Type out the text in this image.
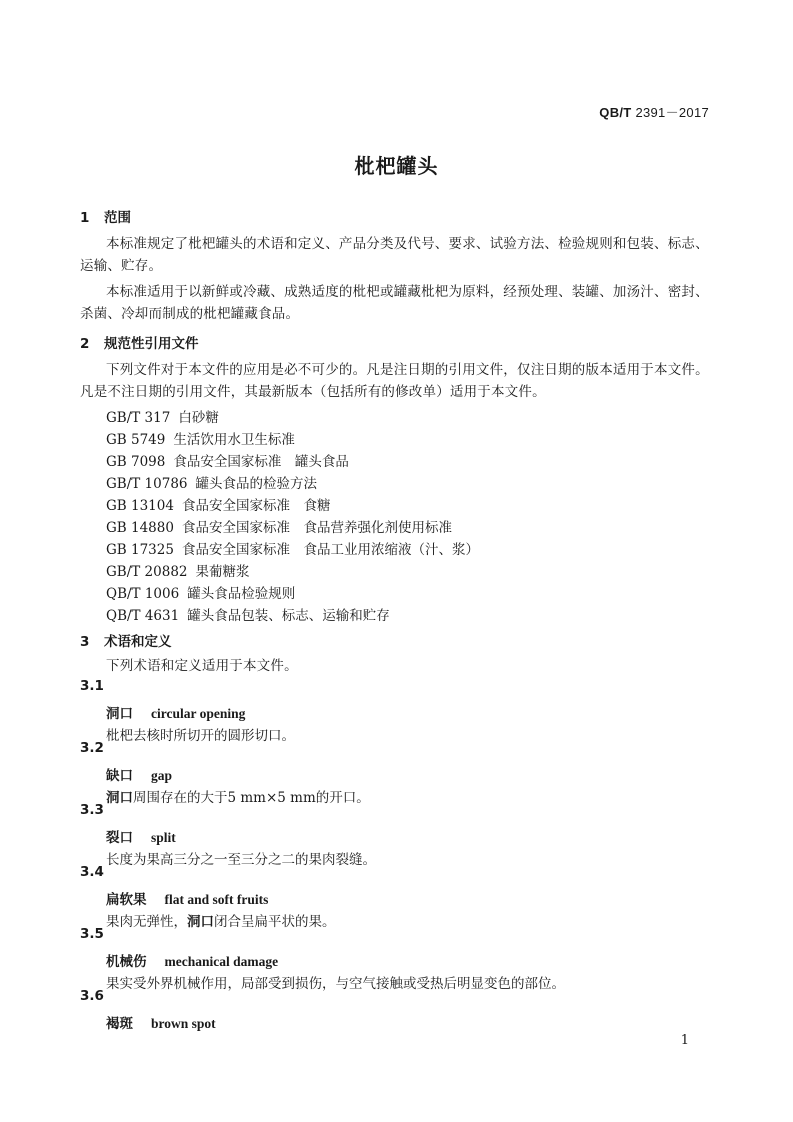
QB/T 2391－2017
枇杷罐头
1 范围
本标准规定了枇杷罐头的术语和定义、产品分类及代号、要求、试验方法、检验规则和包装、标志、
运输、贮存。
本标准适用于以新鲜或冷藏、成熟适度的枇杷或罐藏枇杷为原料，经预处理、装罐、加汤汁、密封、
杀菌、冷却而制成的枇杷罐藏食品。
2 规范性引用文件
下列文件对于本文件的应用是必不可少的。凡是注日期的引用文件，仅注日期的版本适用于本文件。
凡是不注日期的引用文件，其最新版本（包括所有的修改单）适用于本文件。
GB/T 317 白砂糖
GB 5749 生活饮用水卫生标准
GB 7098 食品安全国家标准　罐头食品
GB/T 10786 罐头食品的检验方法
GB 13104 食品安全国家标准　食糖
GB 14880 食品安全国家标准　食品营养强化剂使用标准
GB 17325 食品安全国家标准　食品工业用浓缩液（汁、浆）
GB/T 20882 果葡糖浆
QB/T 1006 罐头食品检验规则
QB/T 4631 罐头食品包装、标志、运输和贮存
3 术语和定义
下列术语和定义适用于本文件。
3.1
洞口 circular opening
枇杷去核时所切开的圆形切口。
3.2
缺口 gap
洞口周围存在的大于5 mm×5 mm的开口。
3.3
裂口 split
长度为果高三分之一至三分之二的果肉裂缝。
3.4
扁软果 flat and soft fruits
果肉无弹性，洞口闭合呈扁平状的果。
3.5
机械伤 mechanical damage
果实受外界机械作用，局部受到损伤，与空气接触或受热后明显变色的部位。
3.6
褐斑 brown spot
1
